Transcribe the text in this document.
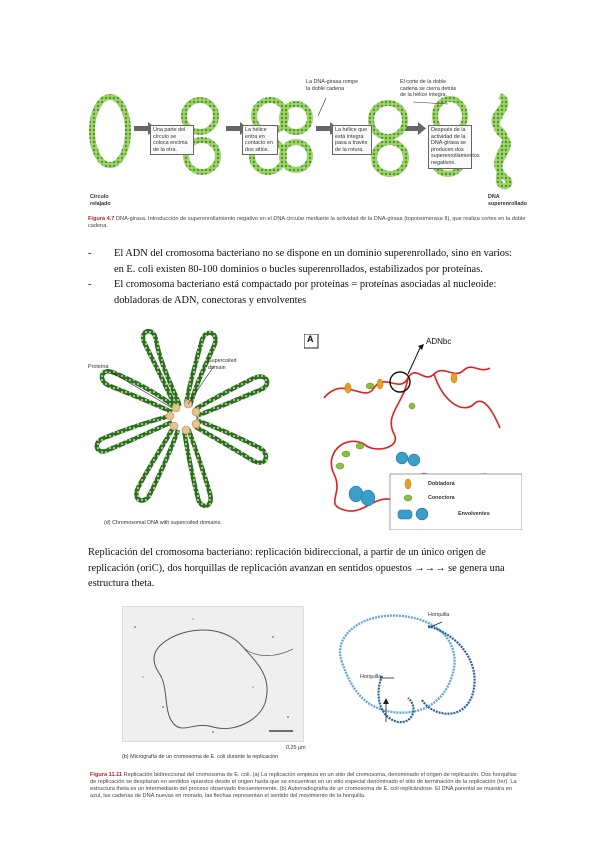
Una parte del círculo se coloca encima de la otra.
La hélice entra en contacto en dos sitios.
La DNA-girasa rompe la doble cadena
La hélice que está íntegra pasa a través de la rotura.
El corte de la doble cadena se cierra detrás de la hélice íntegra.
Después de la actividad de la DNA-girasa se producen dos superenrollamientos negativos.
Círculo relajado
DNA superenrollado
Figura 4.7 DNA-girasa. Introducción de superenrollamiento negativo en el DNA circular mediante la actividad de la DNA-girasa (topoisomerasa II), que realiza cortes en la doble cadena.
- El ADN del cromosoma bacteriano no se dispone en un dominio superenrollado, sino en varios: en E. coli existen 80-100 dominios o bucles superenrollados, estabilizados por proteínas.
- El cromosoma bacteriano está compactado por proteínas = proteínas asociadas al nucleoide: dobladoras de ADN, conectoras y envolventes
Proteína
Supercoiled domain
(d) Chromosomal DNA with supercoiled domains.
A	ADNbc
Dobladora
Conectora
Envolventes
Replicación del cromosoma bacteriano: replicación bidireccional, a partir de un único origen de replicación (oriC), dos horquillas de replicación avanzan en sentidos opuestos →→→ se genera una estructura theta.
0,25 μm
(b) Micrografía de un cromosoma de E. coli durante la replicación
Horquilla
Horquilla
Figura 11.11 Replicación bidireccional del cromosoma de E. coli. (a) La replicación empieza en un sitio del cromosoma, denominado el origen de replicación. Dos horquillas de replicación se desplazan en sentidos opuestos desde el origen hasta que se encuentran en un sitio especial denominado el sitio de terminación de la replicación (ter). La estructura theta es un intermediario del proceso observado frecuentemente. (b) Autorradiografía de un cromosoma de E. coli replicándose. El DNA parental se muestra en azul, las cadenas de DNA nuevas en morado, las flechas representan el sentido del movimiento de la horquilla.
